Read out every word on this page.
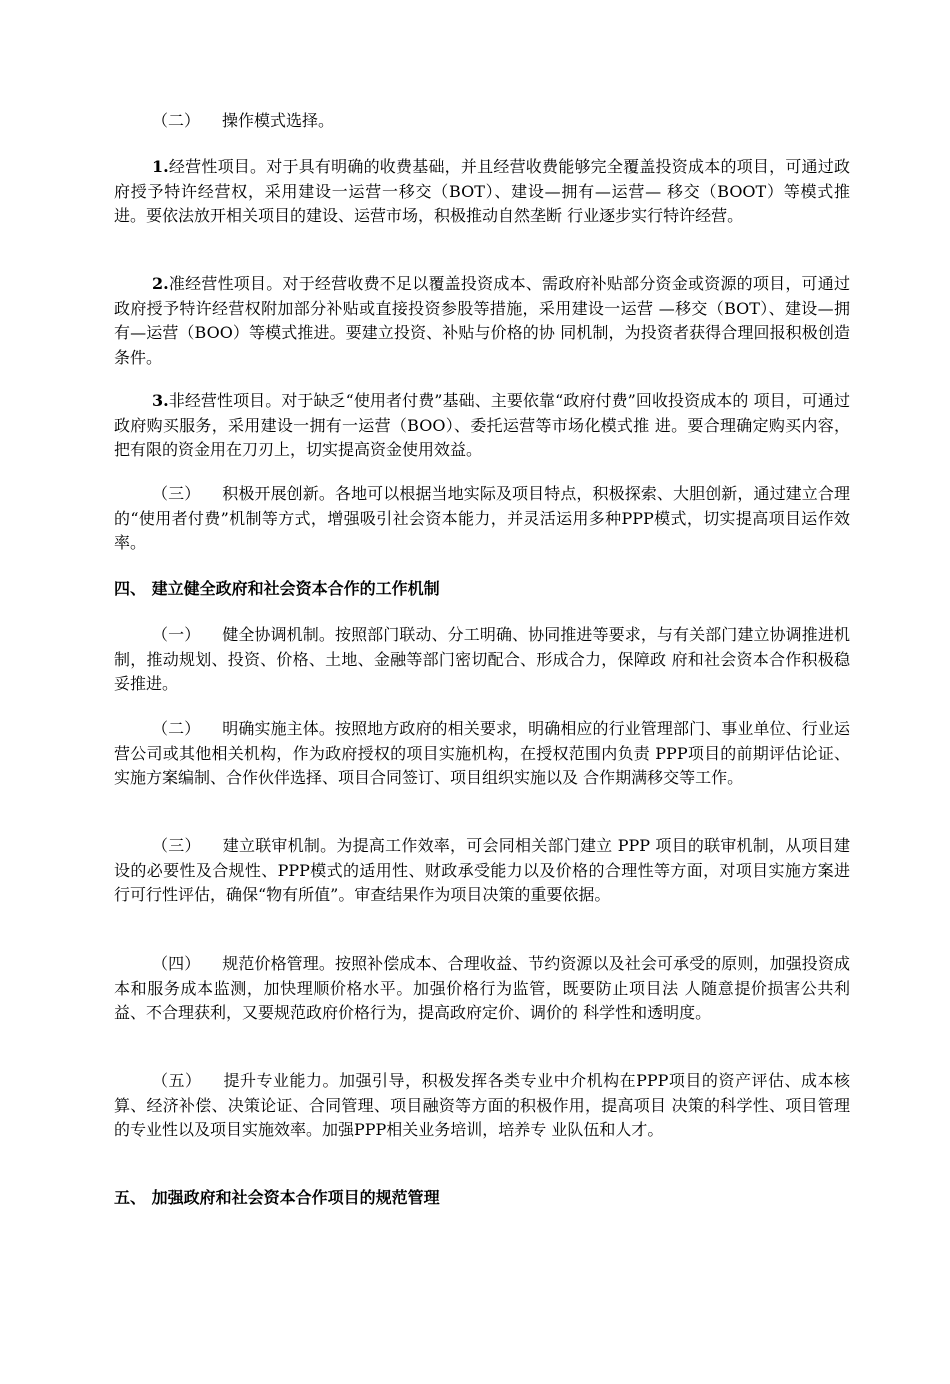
（二） 操作模式选择。

1.经营性项目。对于具有明确的收费基础，并且经营收费能够完全覆盖投资成本的项目，可通过政府授予特许经营权，采用建设一运营一移交（BOT）、建设—拥有—运营— 移交（BOOT）等模式推进。要依法放开相关项目的建设、运营市场，积极推动自然垄断 行业逐步实行特许经营。

2.准经营性项目。对于经营收费不足以覆盖投资成本、需政府补贴部分资金或资源的项目，可通过政府授予特许经营权附加部分补贴或直接投资参股等措施，采用建设一运营 —移交（BOT）、建设—拥有—运营（BOO）等模式推进。要建立投资、补贴与价格的协 同机制，为投资者获得合理回报积极创造条件。

3.非经营性项目。对于缺乏“使用者付费”基础、主要依靠“政府付费”回收投资成本的 项目，可通过政府购买服务，采用建设一拥有一运营（BOO）、委托运营等市场化模式推 进。要合理确定购买内容，把有限的资金用在刀刃上，切实提高资金使用效益。

（三） 积极开展创新。各地可以根据当地实际及项目特点，积极探索、大胆创新，通过建立合理的“使用者付费”机制等方式，增强吸引社会资本能力，并灵活运用多种PPP模式，切实提高项目运作效率。

四、 建立健全政府和社会资本合作的工作机制

（一） 健全协调机制。按照部门联动、分工明确、协同推进等要求，与有关部门建立协调推进机制，推动规划、投资、价格、土地、金融等部门密切配合、形成合力，保障政 府和社会资本合作积极稳妥推进。

（二） 明确实施主体。按照地方政府的相关要求，明确相应的行业管理部门、事业单位、行业运营公司或其他相关机构，作为政府授权的项目实施机构，在授权范围内负责 PPP项目的前期评估论证、实施方案编制、合作伙伴选择、项目合同签订、项目组织实施以及 合作期满移交等工作。

（三） 建立联审机制。为提高工作效率，可会同相关部门建立 PPP 项目的联审机制，从项目建设的必要性及合规性、PPP模式的适用性、财政承受能力以及价格的合理性等方面，对项目实施方案进行可行性评估，确保“物有所值”。审查结果作为项目决策的重要依据。

（四） 规范价格管理。按照补偿成本、合理收益、节约资源以及社会可承受的原则，加强投资成本和服务成本监测，加快理顺价格水平。加强价格行为监管，既要防止项目法 人随意提价损害公共利益、不合理获利，又要规范政府价格行为，提高政府定价、调价的 科学性和透明度。

（五） 提升专业能力。加强引导，积极发挥各类专业中介机构在PPP项目的资产评估、成本核算、经济补偿、决策论证、合同管理、项目融资等方面的积极作用，提高项目 决策的科学性、项目管理的专业性以及项目实施效率。加强PPP相关业务培训，培养专 业队伍和人才。

五、 加强政府和社会资本合作项目的规范管理
